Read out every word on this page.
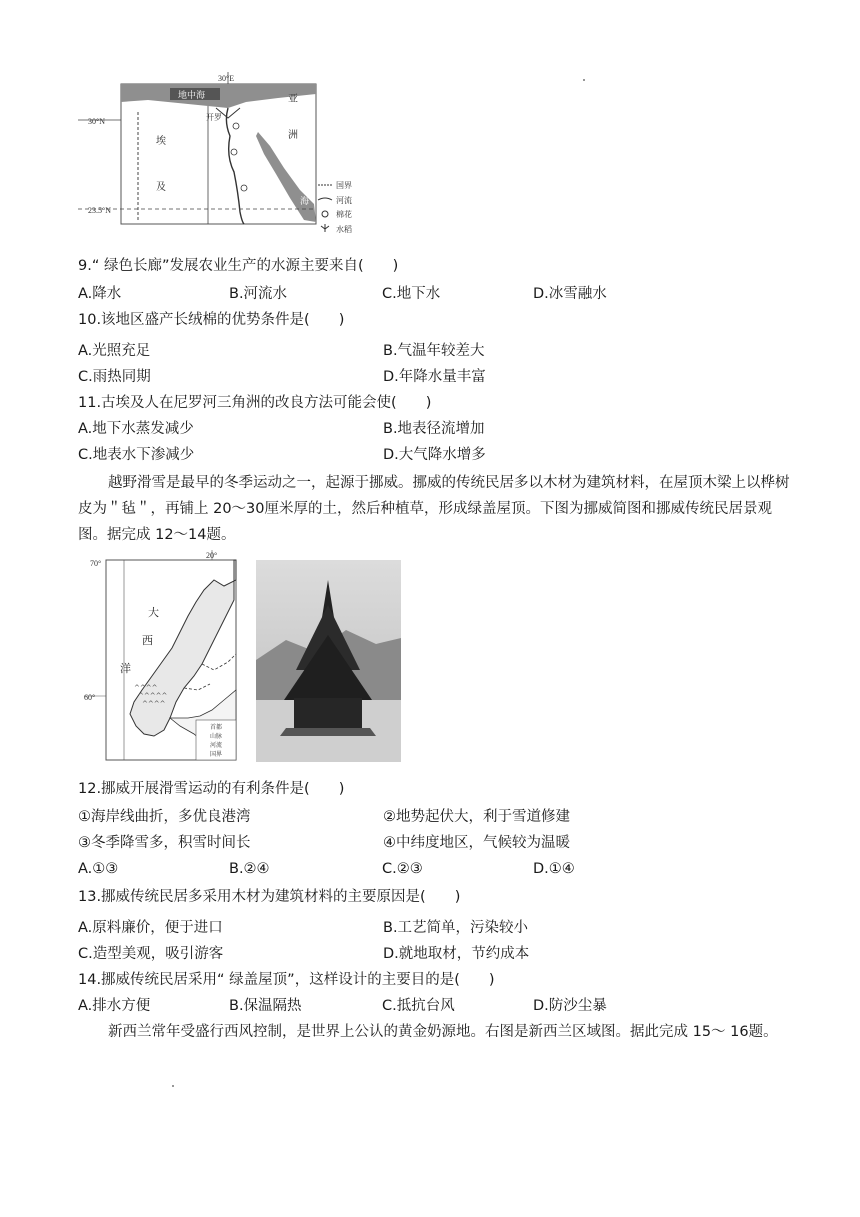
地中海
30°E
30°N
23.5°N
开罗
埃
及
亚
洲
红
海
国界
河流
棉花
水稻
9.“ 绿色长廊”发展农业生产的水源主要来自(　　)
A.降水	B.河流水	C.地下水	D.冰雪融水
10.该地区盛产长绒棉的优势条件是(　　)
A.光照充足	B.气温年较差大
C.雨热同期	D.年降水量丰富
11.古埃及人在尼罗河三角洲的改良方法可能会使(　　)
A.地下水蒸发减少	B.地表径流增加
C.地表水下渗减少	D.大气降水增多
越野滑雪是最早的冬季运动之一，起源于挪威。挪威的传统民居多以木材为建筑材料，在屋顶木梁上以桦树皮为＂毡＂，再铺上 20～30厘米厚的土，然后种植草，形成绿盖屋顶。下图为挪威简图和挪威传统民居景观图。据完成 12～14题。
70°
60°
20°
大
西
洋
^^^^
^^^^^
^^^^
首都
山脉
河流
国界
12.挪威开展滑雪运动的有利条件是(　　)
①海岸线曲折，多优良港湾	②地势起伏大，利于雪道修建
③冬季降雪多，积雪时间长	④中纬度地区，气候较为温暖
A.①③	B.②④	C.②③	D.①④
13.挪威传统民居多采用木材为建筑材料的主要原因是(　　)
A.原料廉价，便于进口	B.工艺简单，污染较小
C.造型美观，吸引游客	D.就地取材，节约成本
14.挪威传统民居采用“ 绿盖屋顶”，这样设计的主要目的是(　　)
A.排水方便	B.保温隔热	C.抵抗台风	D.防沙尘暴
新西兰常年受盛行西风控制，是世界上公认的黄金奶源地。右图是新西兰区域图。据此完成 15～ 16题。
